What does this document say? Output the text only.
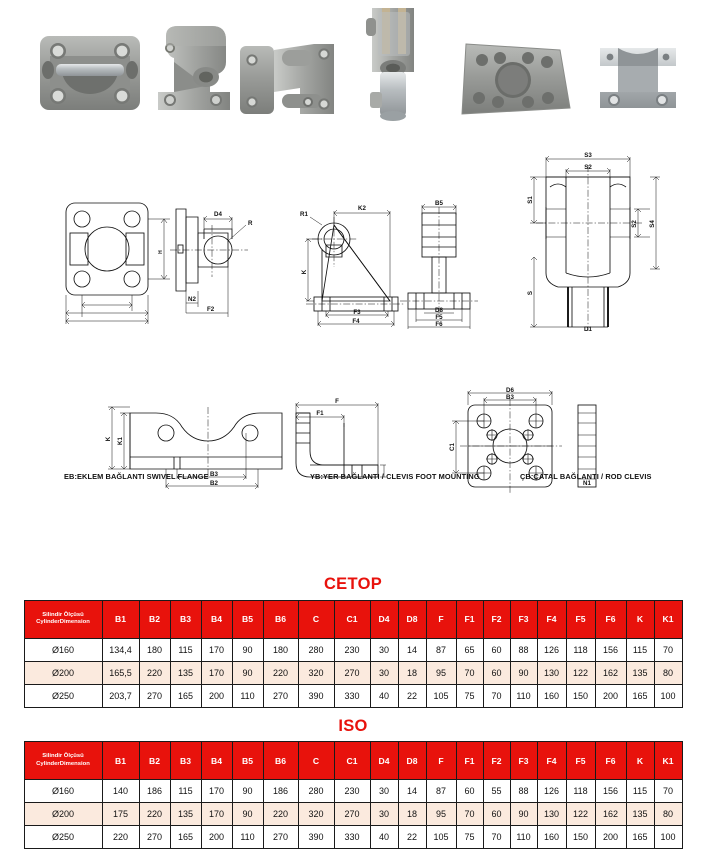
H
D4
R
N2
F2
EB:EKLEM BAĞLANTI SWIVEL FLANGE
R1
K2
K
F3
F4
B5
D8
F5
F6
YB:YER BAĞLANTI / CLEVIS FOOT MOUNTING
S3
S2
S1
S
S2 S4
D1
ÇB:ÇATAL BAĞLANTI / ROD CLEVIS
K K1
B3
B2
F
F1
D6
B3
C1
N1
CETOP
Silindir Ölçüsü
CylinderDimension	B1	B2	B3	B4	B5	B6	C	C1	D4	D8	F	F1	F2	F3	F4	F5	F6	K	K1
Ø160	134,4	180	115	170	90	180	280	230	30	14	87	65	60	88	126	118	156	115	70
Ø200	165,5	220	135	170	90	220	320	270	30	18	95	70	60	90	130	122	162	135	80
Ø250	203,7	270	165	200	110	270	390	330	40	22	105	75	70	110	160	150	200	165	100
ISO
Silindir Ölçüsü
CylinderDimension	B1	B2	B3	B4	B5	B6	C	C1	D4	D8	F	F1	F2	F3	F4	F5	F6	K	K1
Ø160	140	186	115	170	90	186	280	230	30	14	87	60	55	88	126	118	156	115	70
Ø200	175	220	135	170	90	220	320	270	30	18	95	70	60	90	130	122	162	135	80
Ø250	220	270	165	200	110	270	390	330	40	22	105	75	70	110	160	150	200	165	100
